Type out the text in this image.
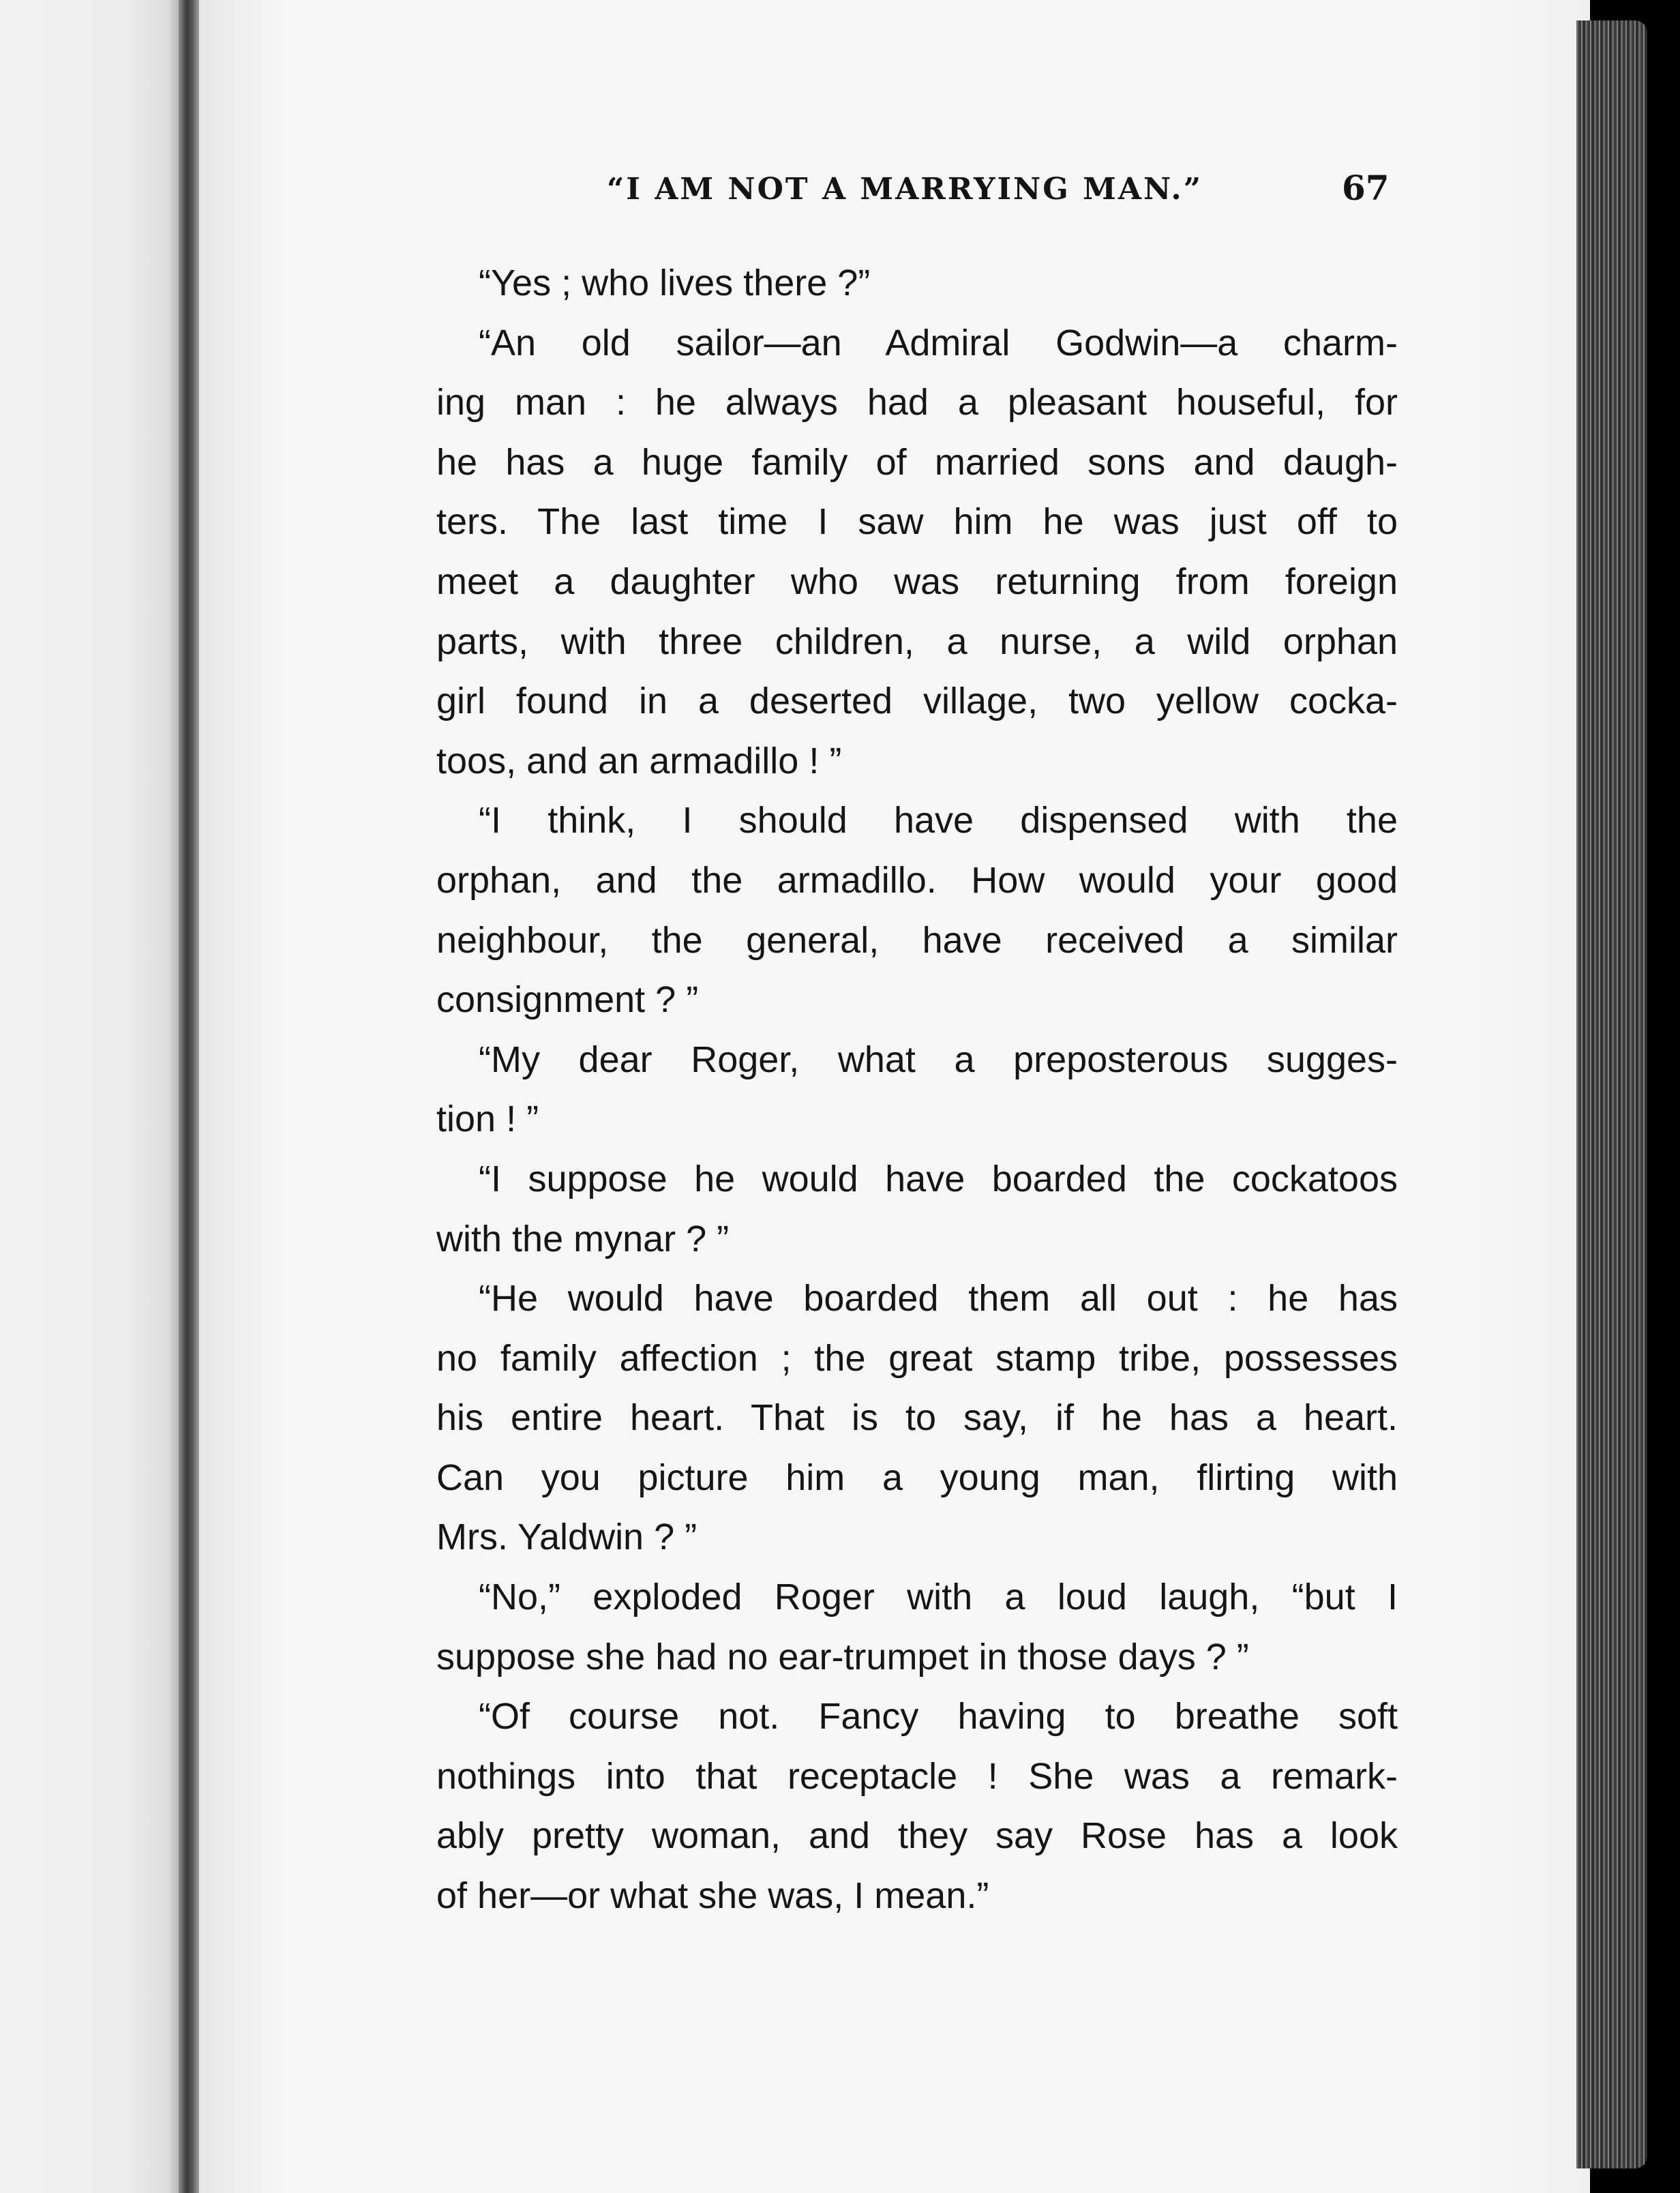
“I AM NOT A MARRYING MAN.”	67
“Yes ; who lives there ?”
“An old sailor—an Admiral Godwin—a charm-
ing man : he always had a pleasant houseful, for
he has a huge family of married sons and daugh-
ters. The last time I saw him he was just off to
meet a daughter who was returning from foreign
parts, with three children, a nurse, a wild orphan
girl found in a deserted village, two yellow cocka-
toos, and an armadillo ! ”
“I think, I should have dispensed with the
orphan, and the armadillo. How would your good
neighbour, the general, have received a similar
consignment ? ”
“My dear Roger, what a preposterous sugges-
tion ! ”
“I suppose he would have boarded the cockatoos
with the mynar ? ”
“He would have boarded them all out : he has
no family affection ; the great stamp tribe, possesses
his entire heart. That is to say, if he has a heart.
Can you picture him a young man, flirting with
Mrs. Yaldwin ? ”
“No,” exploded Roger with a loud laugh, “but I
suppose she had no ear-trumpet in those days ? ”
“Of course not. Fancy having to breathe soft
nothings into that receptacle ! She was a remark-
ably pretty woman, and they say Rose has a look
of her—or what she was, I mean.”
